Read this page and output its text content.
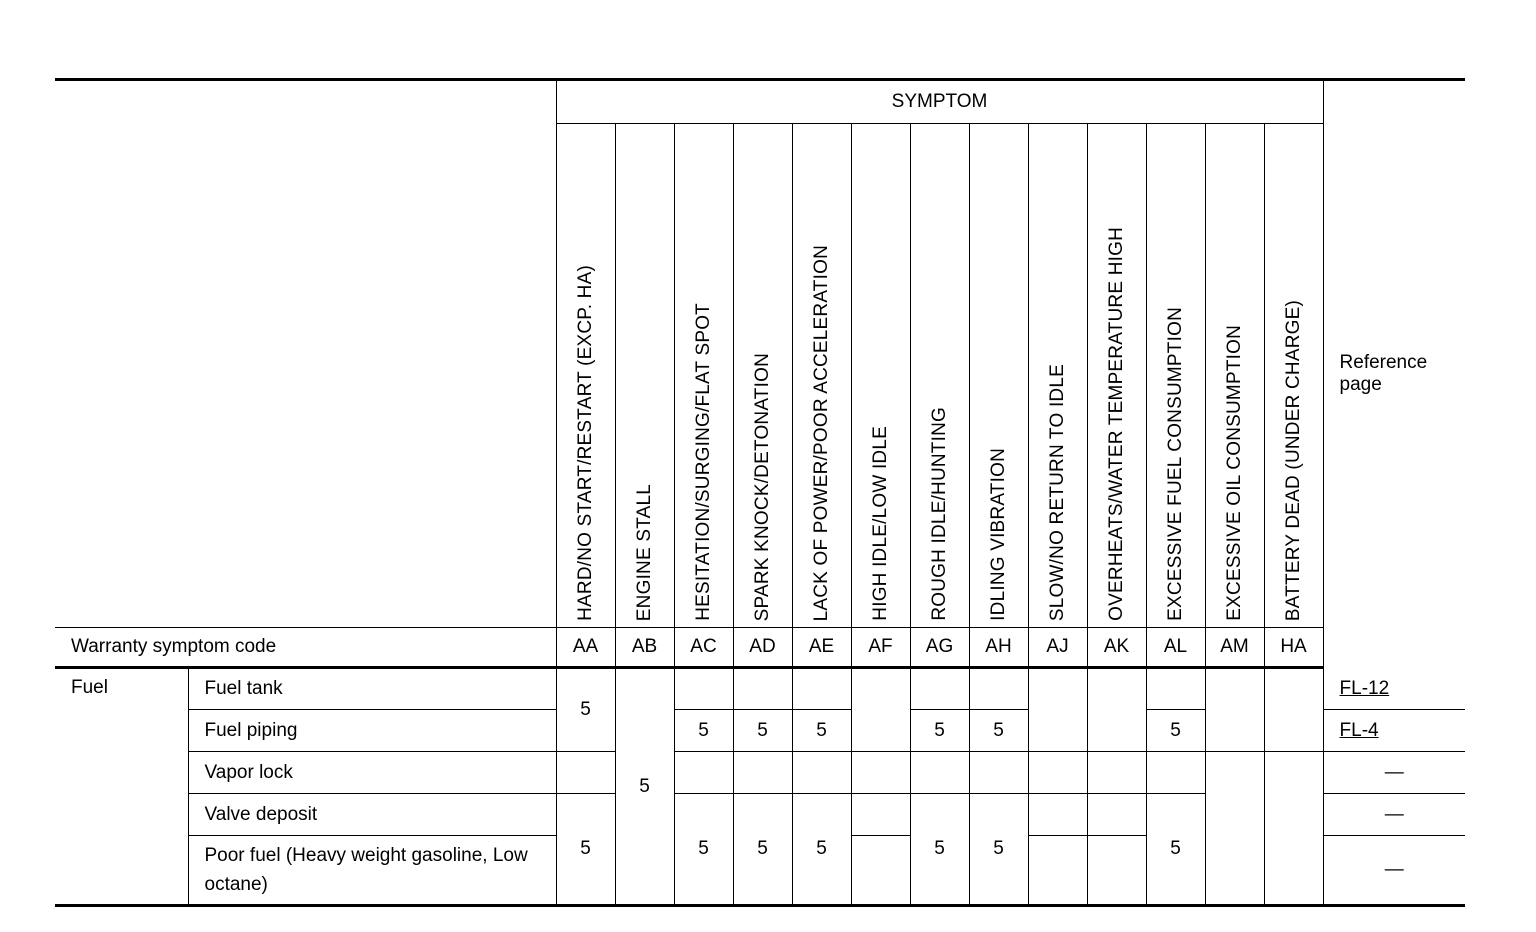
		SYMPTOM													Reference page
		HARD/NO START/RESTART (EXCP. HA)	ENGINE STALL	HESITATION/SURGING/FLAT SPOT	SPARK KNOCK/DETONATION	LACK OF POWER/POOR ACCELERATION	HIGH IDLE/LOW IDLE	ROUGH IDLE/HUNTING	IDLING VIBRATION	SLOW/NO RETURN TO IDLE	OVERHEATS/WATER TEMPERATURE HIGH	EXCESSIVE FUEL CONSUMPTION	EXCESSIVE OIL CONSUMPTION	BATTERY DEAD (UNDER CHARGE)	
Warranty symptom code		AA	AB	AC	AD	AE	AF	AG	AH	AJ	AK	AL	AM	HA	
Fuel	Fuel tank	5	5												FL-12
	Fuel piping			5	5	5		5	5			5			FL-4
	Vapor lock														—
	Valve deposit	5		5	5	5		5	5			5			—
	Poor fuel (Heavy weight gasoline, Low octane)														—
